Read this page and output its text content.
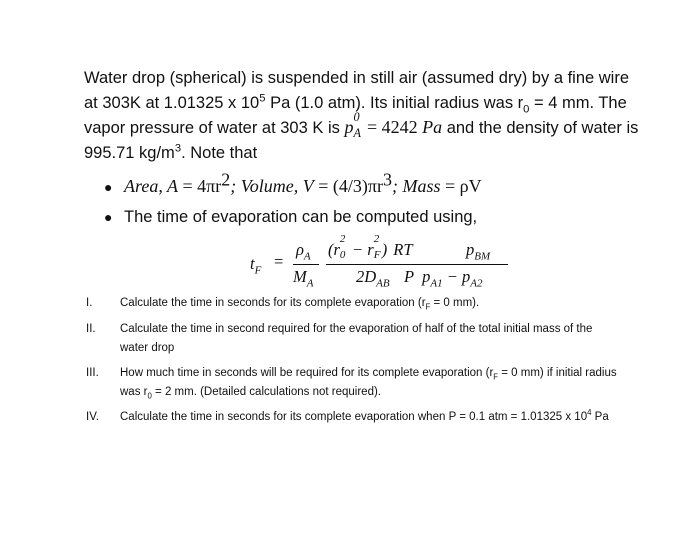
Water drop (spherical) is suspended in still air (assumed dry) by a fine wire at 303K at 1.01325 x $10^5$ Pa (1.0 atm). Its initial radius was $r_0 = 4$ mm. The vapor pressure of water at 303 K is p 0
A = 4242 Pa and the density of water is 995.71 $kg/m^3$. Note that

● Area, $A = 4\pi r^2$; Volume, $V = (4/3)\pi r^3$; Mass = ρV
● The time of evaporation can be computed using,
$t_F$ =
$\rho_A$
$M_A$
(r
2
0 − r
2
F ) RT
$2D_{AB}$
$p_{BM}$
P $p_{A1} - p_{A2}$
I.	Calculate the time in seconds for its complete evaporation ($r_F = 0$ mm).
II.	Calculate the time in second required for the evaporation of half of the total initial mass of the water drop
III.	How much time in seconds will be required for its complete evaporation ($r_F = 0$ mm) if initial radius was $r_0 = 2$ mm. (Detailed calculations not required).
IV.	Calculate the time in seconds for its complete evaporation when P = 0.1 atm = 1.01325 x $10^4$ Pa
